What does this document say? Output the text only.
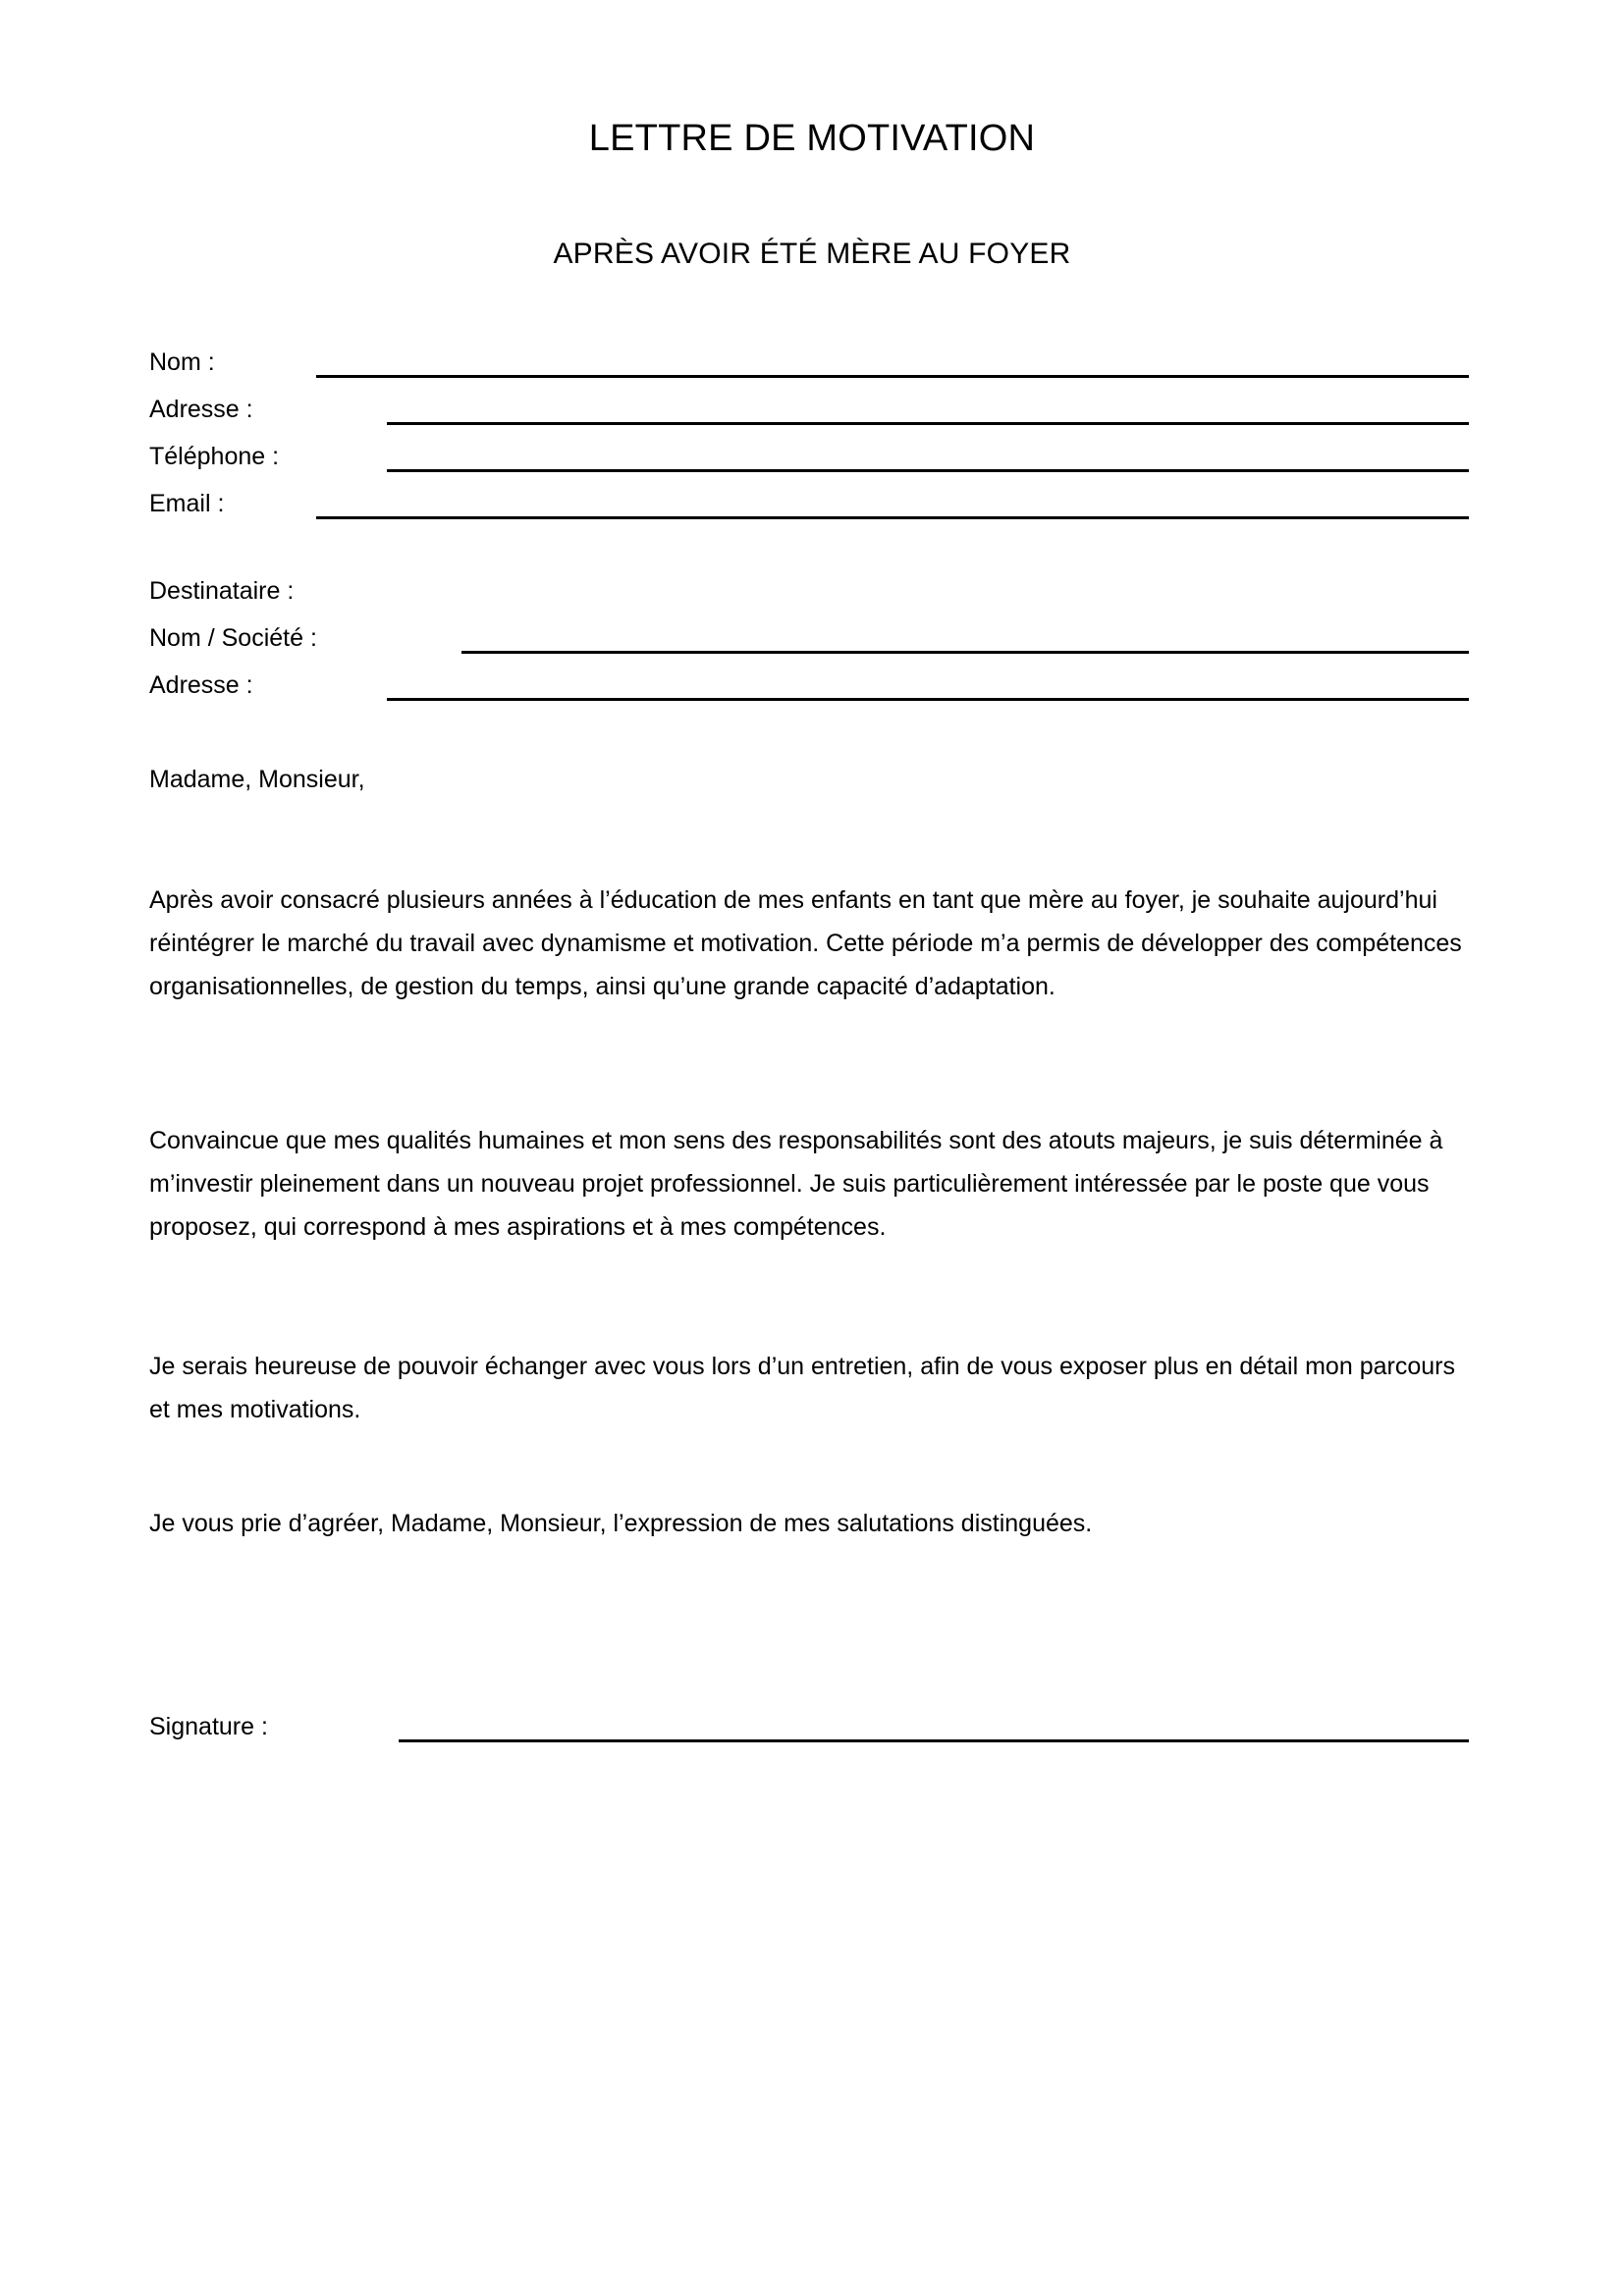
LETTRE DE MOTIVATION
APRÈS AVOIR ÉTÉ MÈRE AU FOYER
Nom :
Adresse :
Téléphone :
Email :
Destinataire :
Nom / Société :
Adresse :
Madame, Monsieur,

Après avoir consacré plusieurs années à l’éducation de mes enfants en tant que mère au foyer, je souhaite aujourd’hui réintégrer le marché du travail avec dynamisme et motivation. Cette période m’a permis de développer des compétences organisationnelles, de gestion du temps, ainsi qu’une grande capacité d’adaptation.

Convaincue que mes qualités humaines et mon sens des responsabilités sont des atouts majeurs, je suis déterminée à m’investir pleinement dans un nouveau projet professionnel. Je suis particulièrement intéressée par le poste que vous proposez, qui correspond à mes aspirations et à mes compétences.

Je serais heureuse de pouvoir échanger avec vous lors d’un entretien, afin de vous exposer plus en détail mon parcours et mes motivations.

Je vous prie d’agréer, Madame, Monsieur, l’expression de mes salutations distinguées.

Signature :
